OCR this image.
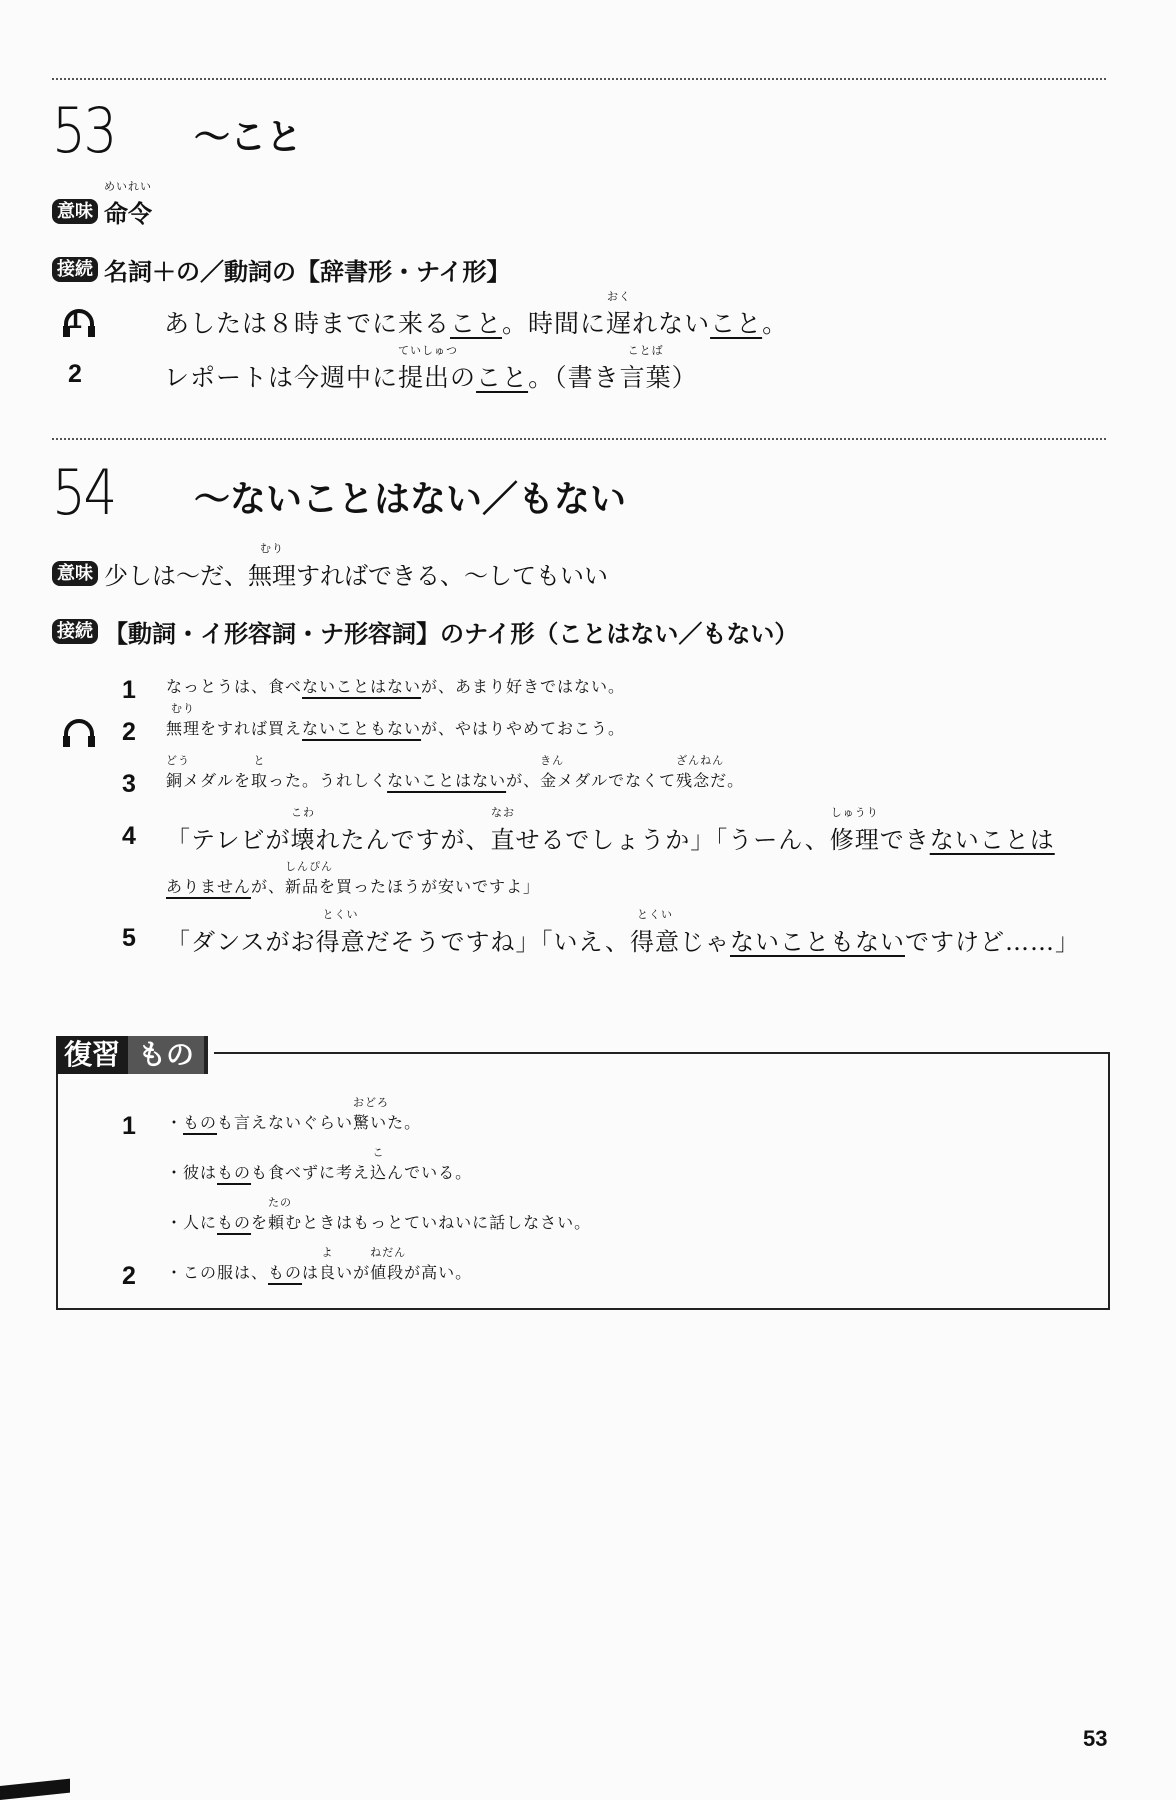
53	～こと
意味
めいれい
命令
接続 名詞＋の／動詞の【辞書形・ナイ形】
1	あしたは８時までに来ること。時間に
おく
遅れないこと。
2	レポートは今週中に
ていしゅつ
提出のこと。（書き
ことば
言葉）
54	～ないことはない／もない
意味 少しは～だ、
むり
無理すればできる、～してもいい
接続 【動詞・イ形容詞・ナ形容詞】のナイ形（ことはない／もない）
1	なっとうは、食べないことはないが、あまり好きではない。
2
むり
無理をすれば買えないこともないが、やはりやめておこう。
3
どう
銅メダルを
と
取った。うれしくないことはないが、
きん
金メダルでなくて
ざんねん
残念だ。
4	「テレビが
こわ
壊れたんですが、
なお
直せるでしょうか」「うーん、
しゅうり
修理できないことは
ありませんが、
しんぴん
新品を買ったほうが安いですよ」
5	「ダンスがお
とくい
得意だそうですね」「いえ、
とくい
得意じゃないこともないですけど……」
復習 もの
1	・ものも言えないぐらい
おどろ
驚いた。
・彼はものも食べずに考え
こ
込んでいる。
・人にものを
たの
頼むときはもっとていねいに話しなさい。
2	・この服は、ものは
よ
良いが
ねだん
値段が高い。
53
